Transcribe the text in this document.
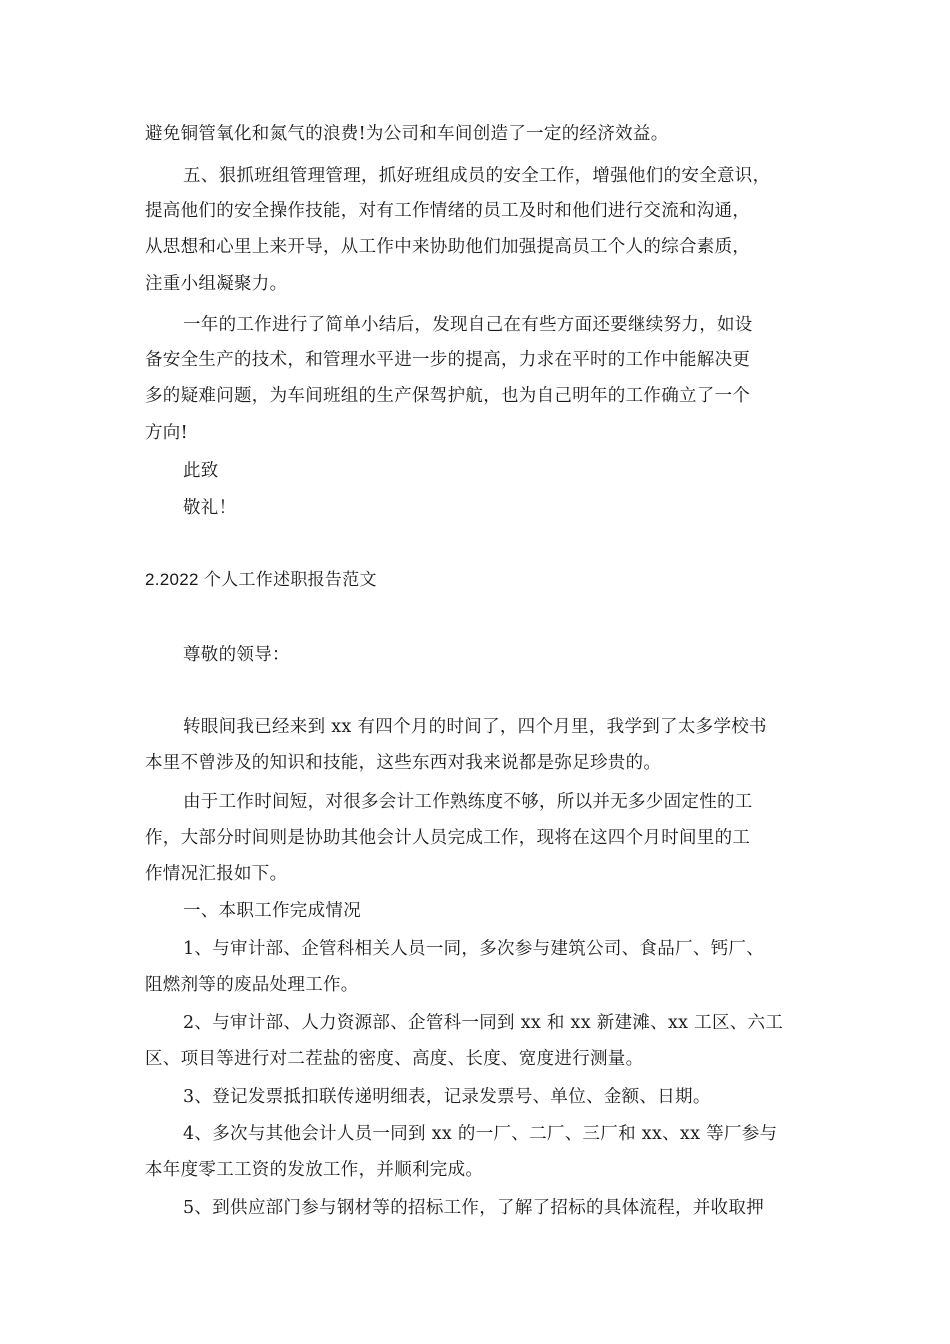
避免铜管氧化和氮气的浪费!为公司和车间创造了一定的经济效益。
五、狠抓班组管理管理，抓好班组成员的安全工作，增强他们的安全意识，
提高他们的安全操作技能，对有工作情绪的员工及时和他们进行交流和沟通，
从思想和心里上来开导，从工作中来协助他们加强提高员工个人的综合素质，
注重小组凝聚力。
一年的工作进行了简单小结后，发现自己在有些方面还要继续努力，如设
备安全生产的技术，和管理水平进一步的提高，力求在平时的工作中能解决更
多的疑难问题，为车间班组的生产保驾护航，也为自己明年的工作确立了一个
方向!
此致
敬礼！
2.2022 个人工作述职报告范文
尊敬的领导：
转眼间我已经来到 xx 有四个月的时间了，四个月里，我学到了太多学校书
本里不曾涉及的知识和技能，这些东西对我来说都是弥足珍贵的。
由于工作时间短，对很多会计工作熟练度不够，所以并无多少固定性的工
作，大部分时间则是协助其他会计人员完成工作，现将在这四个月时间里的工
作情况汇报如下。
一、本职工作完成情况
1、与审计部、企管科相关人员一同，多次参与建筑公司、食品厂、钙厂、
阻燃剂等的废品处理工作。
2、与审计部、人力资源部、企管科一同到 xx 和 xx 新建滩、xx 工区、六工
区、项目等进行对二茬盐的密度、高度、长度、宽度进行测量。
3、登记发票抵扣联传递明细表，记录发票号、单位、金额、日期。
4、多次与其他会计人员一同到 xx 的一厂、二厂、三厂和 xx、xx 等厂参与
本年度零工工资的发放工作，并顺利完成。
5、到供应部门参与钢材等的招标工作，了解了招标的具体流程，并收取押
